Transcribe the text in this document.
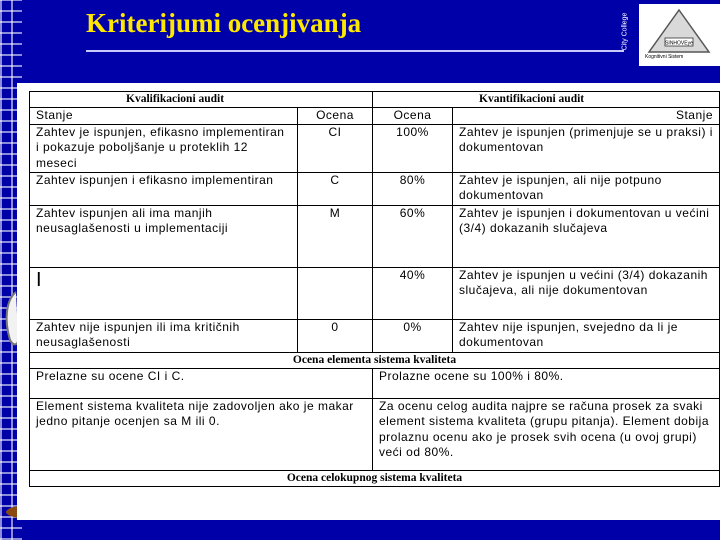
Kriterijumi ocenjivanja	City College	SINHOVEye
Kognitivni Sistem
Kvalifikacioni audit		Kvantifikacioni audit	
Stanje	Ocena	Ocena	Stanje
Zahtev je ispunjen, efikasno implementiran i pokazuje poboljšanje u proteklih 12 meseci	CI	100%	Zahtev je ispunjen (primenjuje se u praksi) i dokumentovan
Zahtev ispunjen i efikasno implementiran	C	80%	Zahtev je ispunjen, ali nije potpuno dokumentovan
Zahtev ispunjen ali ima manjih neusaglašenosti u implementaciji	M	60%	Zahtev je ispunjen i dokumentovan u većini (3/4) dokazanih slučajeva
I		40%	Zahtev je ispunjen u većini (3/4) dokazanih slučajeva, ali nije dokumentovan
Zahtev nije ispunjen ili ima kritičnih neusaglašenosti	0	0%	Zahtev nije ispunjen, svejedno da li je dokumentovan
Ocena elementa sistema kvaliteta			
Prelazne su ocene CI i C.		Prolazne ocene su 100% i 80%.	
Element sistema kvaliteta nije zadovoljen ako je makar jedno pitanje ocenjen sa M ili 0.		Za ocenu celog audita najpre se računa prosek za svaki element sistema kvaliteta (grupu pitanja). Element dobija prolaznu ocenu ako je prosek svih ocena (u ovoj grupi) veći od 80%.	
Ocena celokupnog sistema kvaliteta			
